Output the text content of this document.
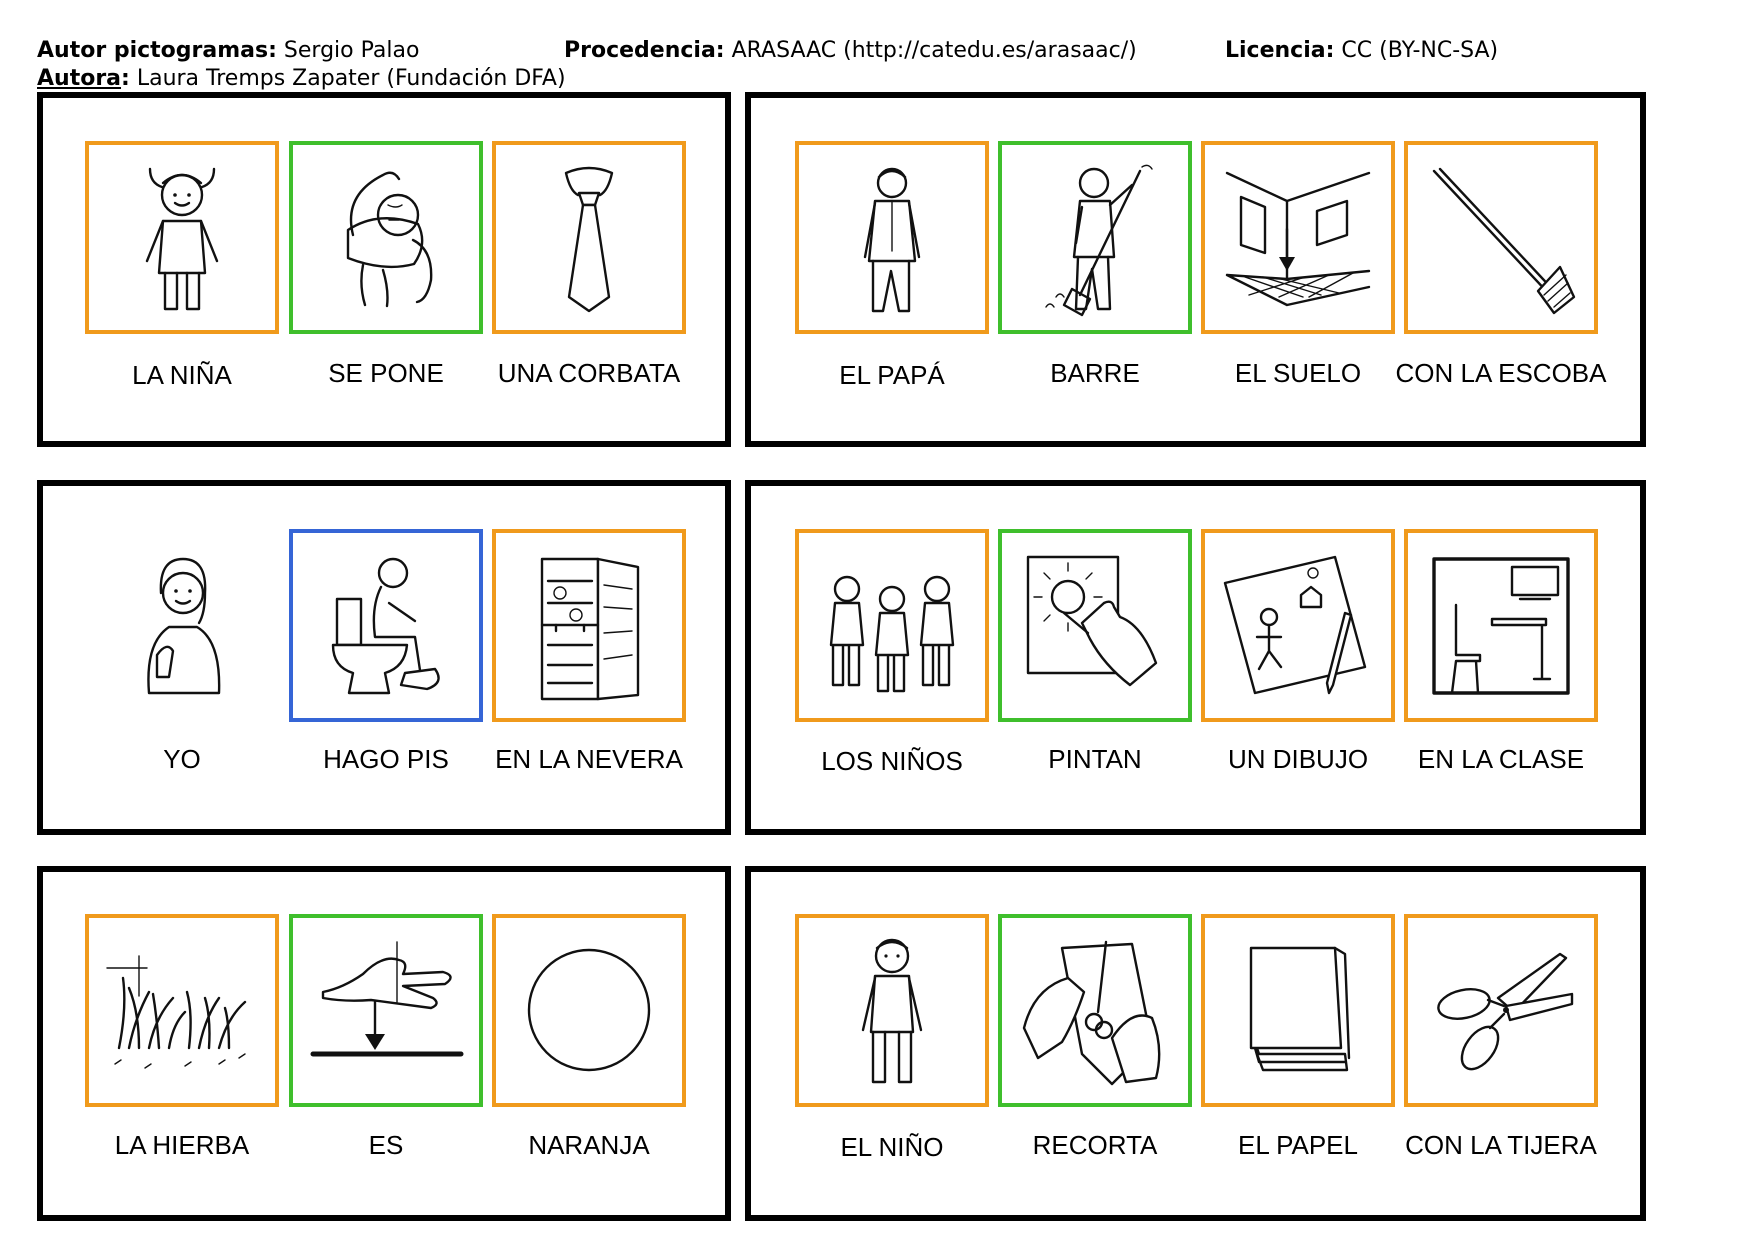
Autor pictogramas: Sergio Palao	Procedencia: ARASAAC (http://catedu.es/arasaac/)	Licencia: CC (BY-NC-SA)
Autora: Laura Tremps Zapater (Fundación DFA)
LA NIÑA	SE PONE	UNA CORBATA	EL PAPÁ	BARRE	EL SUELO	CON LA ESCOBA
YO	HAGO PIS	EN LA NEVERA	LOS NIÑOS	PINTAN	UN DIBUJO	EN LA CLASE
LA HIERBA	ES	NARANJA	EL NIÑO	RECORTA	EL PAPEL	CON LA TIJERA
